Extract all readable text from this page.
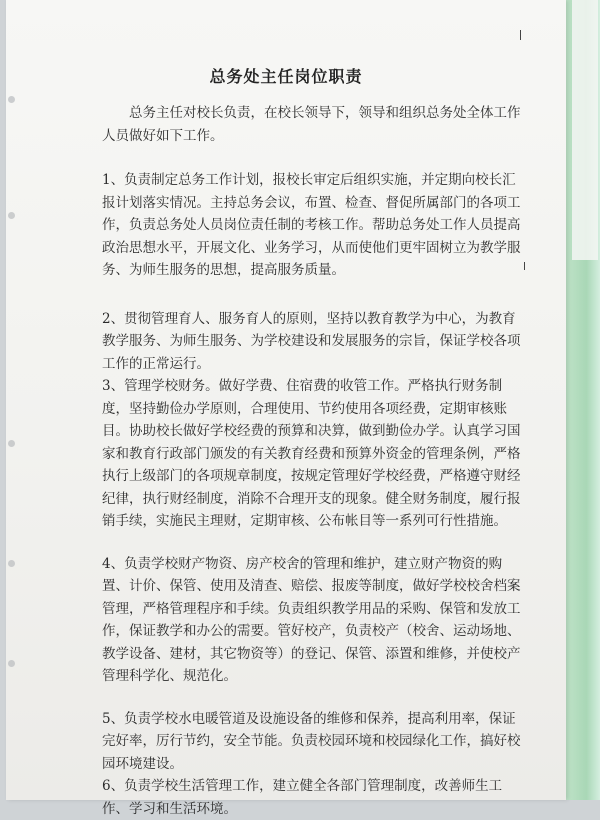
总务处主任岗位职责

总务主任对校长负责，在校长领导下，领导和组织总务处全体工作人员做好如下工作。

1、负责制定总务工作计划，报校长审定后组织实施，并定期向校长汇报计划落实情况。主持总务会议，布置、检查、督促所属部门的各项工作，负责总务处人员岗位责任制的考核工作。帮助总务处工作人员提高政治思想水平，开展文化、业务学习，从而使他们更牢固树立为教学服务、为师生服务的思想，提高服务质量。

2、贯彻管理育人、服务育人的原则，坚持以教育教学为中心，为教育教学服务、为师生服务、为学校建设和发展服务的宗旨，保证学校各项工作的正常运行。

3、管理学校财务。做好学费、住宿费的收管工作。严格执行财务制度，坚持勤俭办学原则，合理使用、节约使用各项经费，定期审核账目。协助校长做好学校经费的预算和决算，做到勤俭办学。认真学习国家和教育行政部门颁发的有关教育经费和预算外资金的管理条例，严格执行上级部门的各项规章制度，按规定管理好学校经费，严格遵守财经纪律，执行财经制度，消除不合理开支的现象。健全财务制度，履行报销手续，实施民主理财，定期审核、公布帐目等一系列可行性措施。

4、负责学校财产物资、房产校舍的管理和维护，建立财产物资的购置、计价、保管、使用及清查、赔偿、报废等制度，做好学校校舍档案管理，严格管理程序和手续。负责组织教学用品的采购、保管和发放工作，保证教学和办公的需要。管好校产，负责校产（校舍、运动场地、教学设备、建材，其它物资等）的登记、保管、添置和维修，并使校产管理科学化、规范化。

5、负责学校水电暖管道及设施设备的维修和保养，提高利用率，保证完好率，厉行节约，安全节能。负责校园环境和校园绿化工作，搞好校园环境建设。

6、负责学校生活管理工作，建立健全各部门管理制度，改善师生工作、学习和生活环境。
